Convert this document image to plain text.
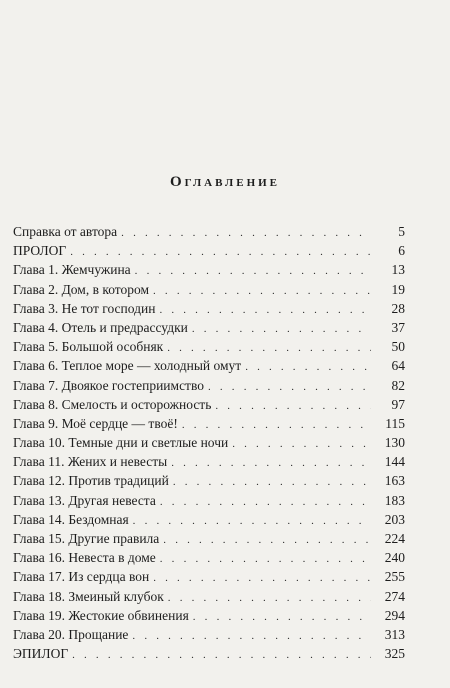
Оглавление
Справка от автора . . .	5
ПРОЛОГ . . .	6
Глава 1. Жемчужина . . .	13
Глава 2. Дом, в котором . . .	19
Глава 3. Не тот господин . . .	28
Глава 4. Отель и предрассудки . . .	37
Глава 5. Большой особняк . . .	50
Глава 6. Теплое море — холодный омут . . .	64
Глава 7. Двоякое гостеприимство . . .	82
Глава 8. Смелость и осторожность . . .	97
Глава 9. Моё сердце — твоё! . . .	115
Глава 10. Темные дни и светлые ночи . . .	130
Глава 11. Жених и невесты . . .	144
Глава 12. Против традиций . . .	163
Глава 13. Другая невеста . . .	183
Глава 14. Бездомная . . .	203
Глава 15. Другие правила . . .	224
Глава 16. Невеста в доме . . .	240
Глава 17. Из сердца вон . . .	255
Глава 18. Змеиный клубок . . .	274
Глава 19. Жестокие обвинения . . .	294
Глава 20. Прощание . . .	313
ЭПИЛОГ . . .	325
